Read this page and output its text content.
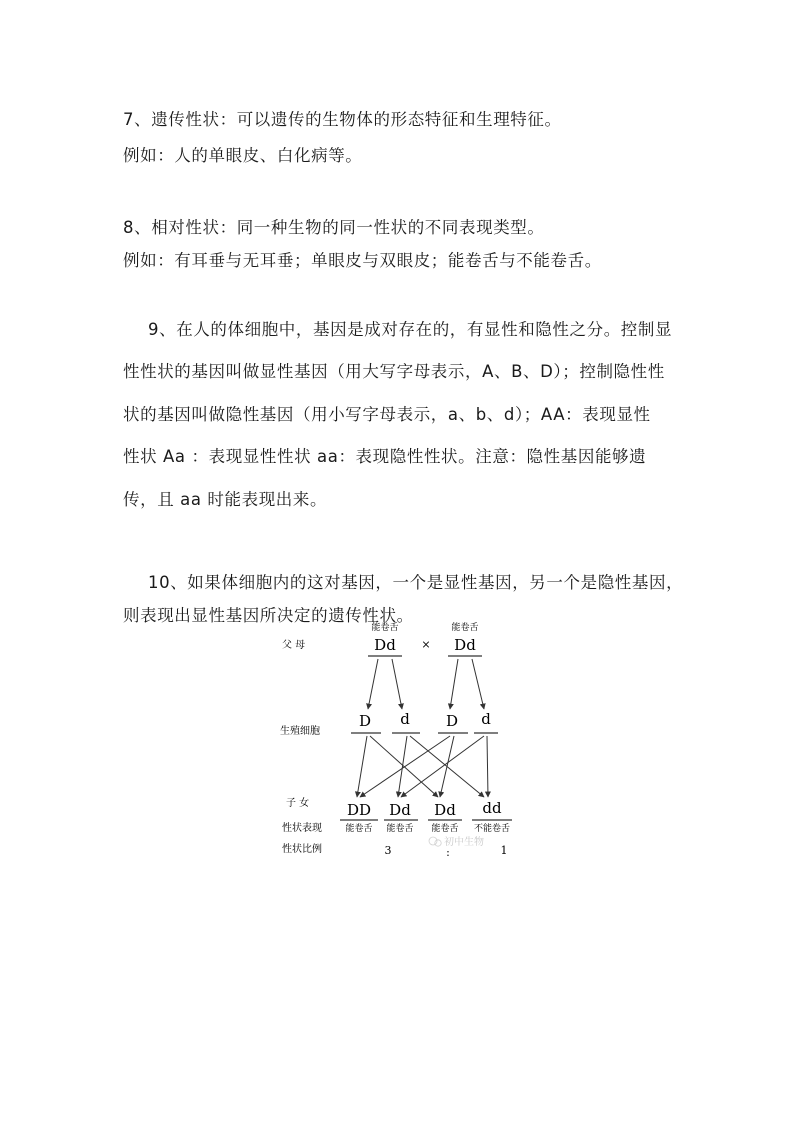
7、遗传性状：可以遗传的生物体的形态特征和生理特征。
例如：人的单眼皮、白化病等。
8、相对性状：同一种生物的同一性状的不同表现类型。
例如：有耳垂与无耳垂；单眼皮与双眼皮；能卷舌与不能卷舌。
9、在人的体细胞中，基因是成对存在的，有显性和隐性之分。控制显
性性状的基因叫做显性基因（用大写字母表示，A、B、D）；控制隐性性
状的基因叫做隐性基因（用小写字母表示，a、b、d）；AA：表现显性
性状 Aa ：表现显性性状 aa：表现隐性性状。注意：隐性基因能够遗
传，且 aa 时能表现出来。
10、如果体细胞内的这对基因，一个是显性基因，另一个是隐性基因，
则表现出显性基因所决定的遗传性状。
父 母
生殖细胞
子 女
性状表现
性状比例
能卷舌
Dd ×
能卷舌
Dd
D d D d
DD
能卷舌
Dd
能卷舌
Dd
能卷舌
dd
不能卷舌
3	:	1
初中生物
